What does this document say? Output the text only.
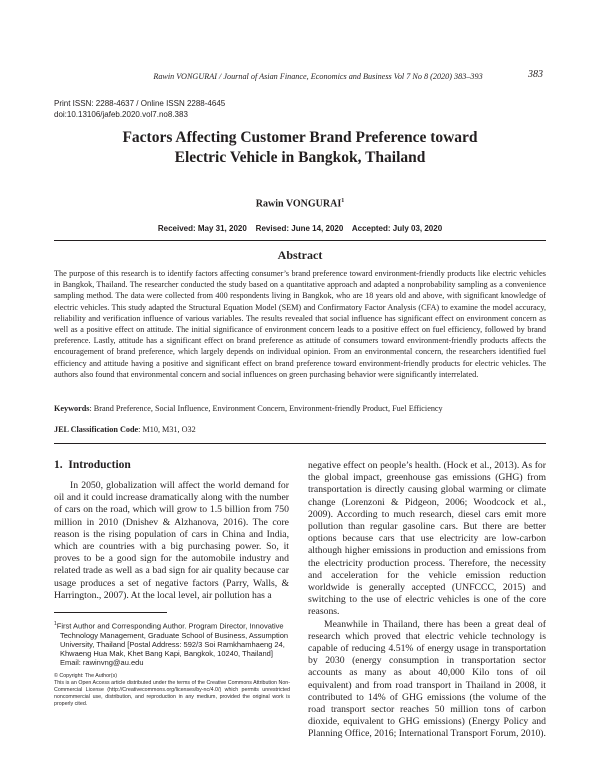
Rawin VONGURAI / Journal of Asian Finance, Economics and Business Vol 7 No 8 (2020) 383–393	383
Print ISSN: 2288-4637 / Online ISSN 2288-4645
doi:10.13106/jafeb.2020.vol7.no8.383
Factors Affecting Customer Brand Preference toward
Electric Vehicle in Bangkok, Thailand
Rawin VONGURAI$^1$
Received: May 31, 2020    Revised: June 14, 2020    Accepted: July 03, 2020
Abstract
The purpose of this research is to identify factors affecting consumer’s brand preference toward environment-friendly products like electric vehicles in Bangkok, Thailand. The researcher conducted the study based on a quantitative approach and adapted a nonprobability sampling as a convenience sampling method. The data were collected from 400 respondents living in Bangkok, who are 18 years old and above, with significant knowledge of electric vehicles. This study adapted the Structural Equation Model (SEM) and Confirmatory Factor Analysis (CFA) to examine the model accuracy, reliability and verification influence of various variables. The results revealed that social influence has significant effect on environment concern as well as a positive effect on attitude. The initial significance of environment concern leads to a positive effect on fuel efficiency, followed by brand preference. Lastly, attitude has a significant effect on brand preference as attitude of consumers toward environment-friendly products affects the encouragement of brand preference, which largely depends on individual opinion. From an environmental concern, the researchers identified fuel efficiency and attitude having a positive and significant effect on brand preference toward environment-friendly products for electric vehicles. The authors also found that environmental concern and social influences on green purchasing behavior were significantly interrelated.
Keywords: Brand Preference, Social Influence, Environment Concern, Environment-friendly Product, Fuel Efficiency
JEL Classification Code: M10, M31, O32
1.  Introduction

In 2050, globalization will affect the world demand for oil and it could increase dramatically along with the number of cars on the road, which will grow to 1.5 billion from 750 million in 2010 (Dnishev & Alzhanova, 2016). The core reason is the rising population of cars in China and India, which are countries with a big purchasing power. So, it proves to be a good sign for the automobile industry and related trade as well as a bad sign for air quality because car usage produces a set of negative factors (Parry, Walls, & Harrington., 2007). At the local level, air pollution has a

negative effect on people’s health. (Hock et al., 2013). As for the global impact, greenhouse gas emissions (GHG) from transportation is directly causing global warming or climate change (Lorenzoni & Pidgeon, 2006; Woodcock et al., 2009). According to much research, diesel cars emit more pollution than regular gasoline cars. But there are better options because cars that use electricity are low-carbon although higher emissions in production and emissions from the electricity production process. Therefore, the necessity and acceleration for the vehicle emission reduction worldwide is generally accepted (UNFCCC, 2015) and switching to the use of electric vehicles is one of the core reasons.

Meanwhile in Thailand, there has been a great deal of research which proved that electric vehicle technology is capable of reducing 4.51% of energy usage in transportation by 2030 (energy consumption in transportation sector accounts as many as about 40,000 Kilo tons of oil equivalent) and from road transport in Thailand in 2008, it contributed to 14% of GHG emissions (the volume of the road transport sector reaches 50 million tons of carbon dioxide, equivalent to GHG emissions) (Energy Policy and Planning Office, 2016; International Transport Forum, 2010).

$^1$First Author and Corresponding Author. Program Director, Innovative Technology Management, Graduate School of Business, Assumption University, Thailand [Postal Address: 592/3 Soi Ramkhamhaeng 24, Khwaeng Hua Mak, Khet Bang Kapi, Bangkok, 10240, Thailand] Email: rawinvng@au.edu
© Copyright: The Author(s)
This is an Open Access article distributed under the terms of the Creative Commons Attribution Non-Commercial License (http://Creativecommons.org/licenses/by-nc/4.0/) which permits unrestricted noncommercial use, distribution, and reproduction in any medium, provided the original work is properly cited.
